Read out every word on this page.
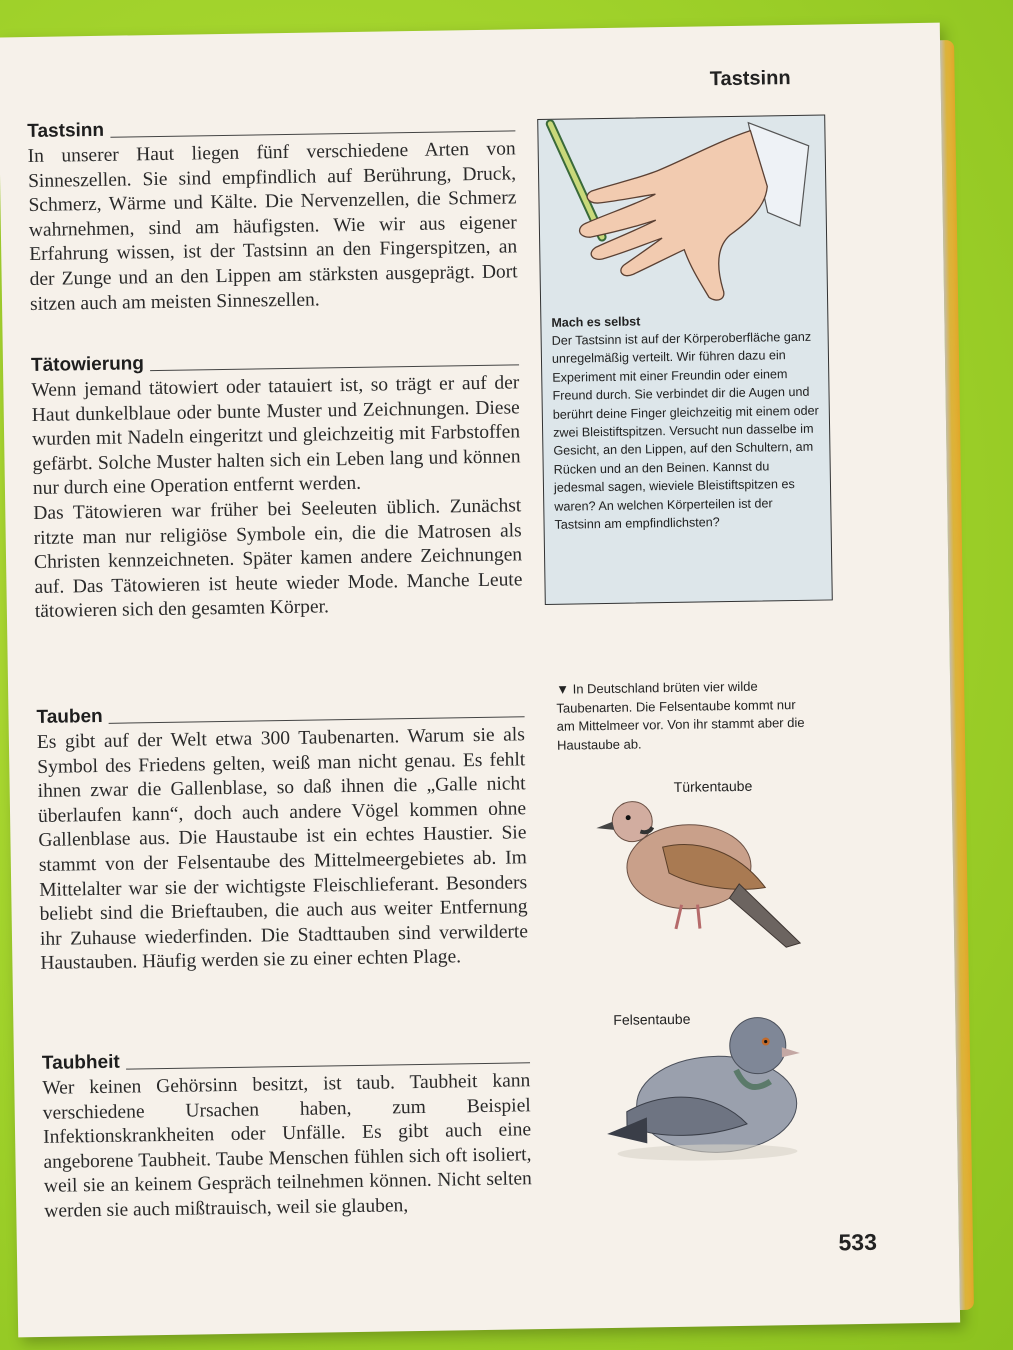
Tastsinn
Tastsinn

In unserer Haut liegen fünf verschiedene Arten von Sinneszellen. Sie sind empfindlich auf Berührung, Druck, Schmerz, Wärme und Kälte. Die Nervenzellen, die Schmerz wahrnehmen, sind am häufigsten. Wie wir aus eigener Erfahrung wissen, ist der Tastsinn an den Fingerspitzen, an der Zunge und an den Lippen am stärksten ausgeprägt. Dort sitzen auch am meisten Sinneszellen.

Tätowierung

Wenn jemand tätowiert oder tatauiert ist, so trägt er auf der Haut dunkelblaue oder bunte Muster und Zeichnungen. Diese wurden mit Nadeln eingeritzt und gleichzeitig mit Farbstoffen gefärbt. Solche Muster halten sich ein Leben lang und können nur durch eine Operation entfernt werden.

Das Tätowieren war früher bei Seeleuten üblich. Zunächst ritzte man nur religiöse Symbole ein, die die Matrosen als Christen kennzeichneten. Später kamen andere Zeichnungen auf. Das Tätowieren ist heute wieder Mode. Manche Leute tätowieren sich den gesamten Körper.

Tauben

Es gibt auf der Welt etwa 300 Taubenarten. Warum sie als Symbol des Friedens gelten, weiß man nicht genau. Es fehlt ihnen zwar die Gallenblase, so daß ihnen die „Galle nicht überlaufen kann“, doch auch andere Vögel kommen ohne Gallenblase aus. Die Haustaube ist ein echtes Haustier. Sie stammt von der Felsentaube des Mittelmeergebietes ab. Im Mittelalter war sie der wichtigste Fleischlieferant. Besonders beliebt sind die Brieftauben, die auch aus weiter Entfernung ihr Zuhause wiederfinden. Die Stadttauben sind verwilderte Haustauben. Häufig werden sie zu einer echten Plage.

Taubheit

Wer keinen Gehörsinn besitzt, ist taub. Taubheit kann verschiedene Ursachen haben, zum Beispiel Infektionskrankheiten oder Unfälle. Es gibt auch eine angeborene Taubheit. Taube Menschen fühlen sich oft isoliert, weil sie an keinem Gespräch teilnehmen können. Nicht selten werden sie auch mißtrauisch, weil sie glauben,

Mach es selbst
Der Tastsinn ist auf der Körperoberfläche ganz unregelmäßig verteilt. Wir führen dazu ein Experiment mit einer Freundin oder einem Freund durch. Sie verbindet dir die Augen und berührt deine Finger gleichzeitig mit einem oder zwei Bleistiftspitzen. Versucht nun dasselbe im Gesicht, an den Lippen, auf den Schultern, am Rücken und an den Beinen. Kannst du jedesmal sagen, wieviele Bleistiftspitzen es waren? An welchen Körperteilen ist der Tastsinn am empfindlichsten?
▼ In Deutschland brüten vier wilde Taubenarten. Die Felsentaube kommt nur am Mittelmeer vor. Von ihr stammt aber die Haustaube ab.
Türkentaube
Felsentaube
533
